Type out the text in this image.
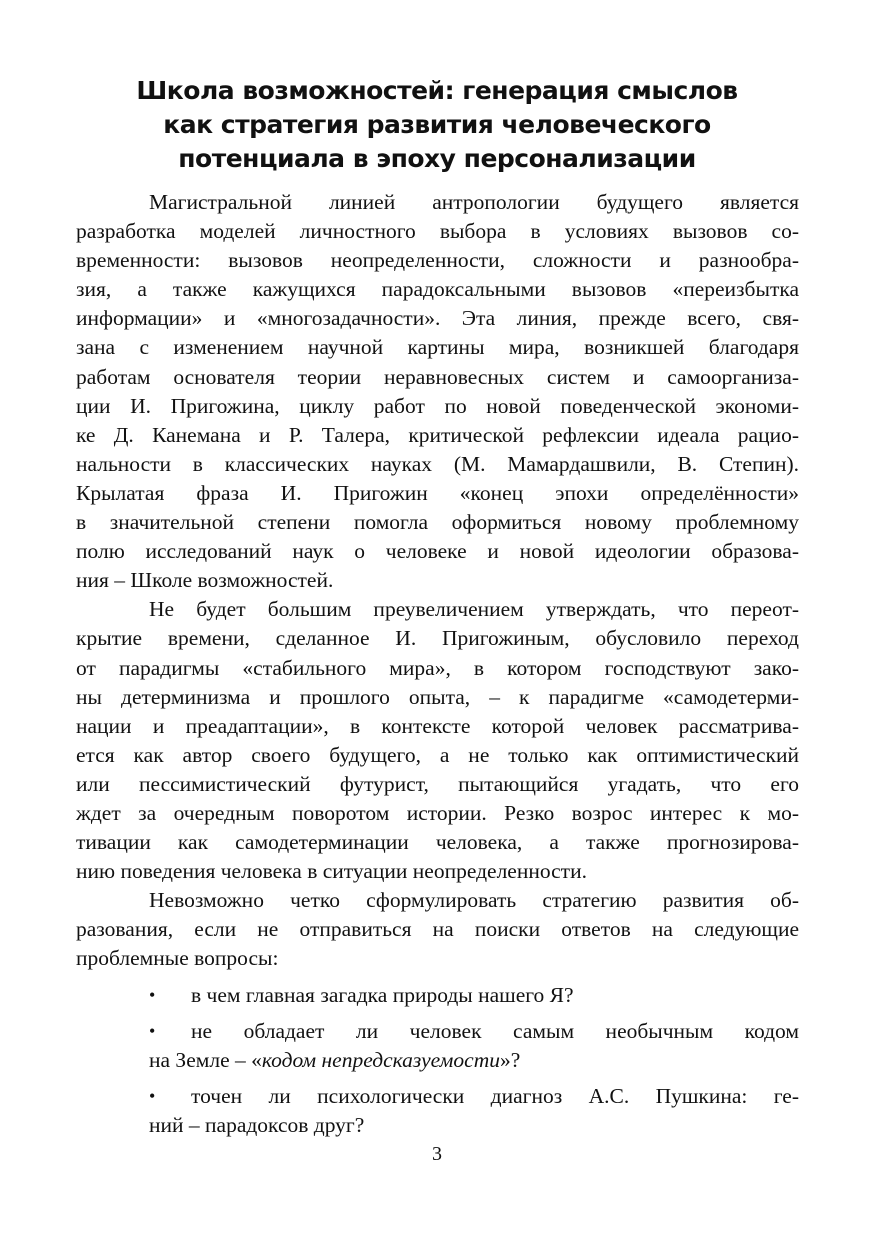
Школа возможностей: генерация смыслов
как стратегия развития человеческого
потенциала в эпоху персонализации
Магистральной линией антропологии будущего является
разработка моделей личностного выбора в условиях вызовов со-
временности: вызовов неопределенности, сложности и разнообра-
зия, а также кажущихся парадоксальными вызовов «переизбытка
информации» и «многозадачности». Эта линия, прежде всего, свя-
зана с изменением научной картины мира, возникшей благодаря
работам основателя теории неравновесных систем и самоорганиза-
ции И. Пригожина, циклу работ по новой поведенческой экономи-
ке Д. Канемана и Р. Талера, критической рефлексии идеала рацио-
нальности в классических науках (М. Мамардашвили, В. Степин).
Крылатая фраза И. Пригожин «конец эпохи определённости»
в значительной степени помогла оформиться новому проблемному
полю исследований наук о человеке и новой идеологии образова-
ния – Школе возможностей.
Не будет большим преувеличением утверждать, что переот-
крытие времени, сделанное И. Пригожиным, обусловило переход
от парадигмы «стабильного мира», в котором господствуют зако-
ны детерминизма и прошлого опыта, – к парадигме «самодетерми-
нации и преадаптации», в контексте которой человек рассматрива-
ется как автор своего будущего, а не только как оптимистический
или пессимистический футурист, пытающийся угадать, что его
ждет за очередным поворотом истории. Резко возрос интерес к мо-
тивации как самодетерминации человека, а также прогнозирова-
нию поведения человека в ситуации неопределенности.
Невозможно четко сформулировать стратегию развития об-
разования, если не отправиться на поиски ответов на следующие
проблемные вопросы:
•	в чем главная загадка природы нашего Я?
•	не обладает ли человек самым необычным кодом
на Земле – «кодом непредсказуемости»?
•	точен ли психологически диагноз А.С. Пушкина: ге-
ний – парадоксов друг?
3
